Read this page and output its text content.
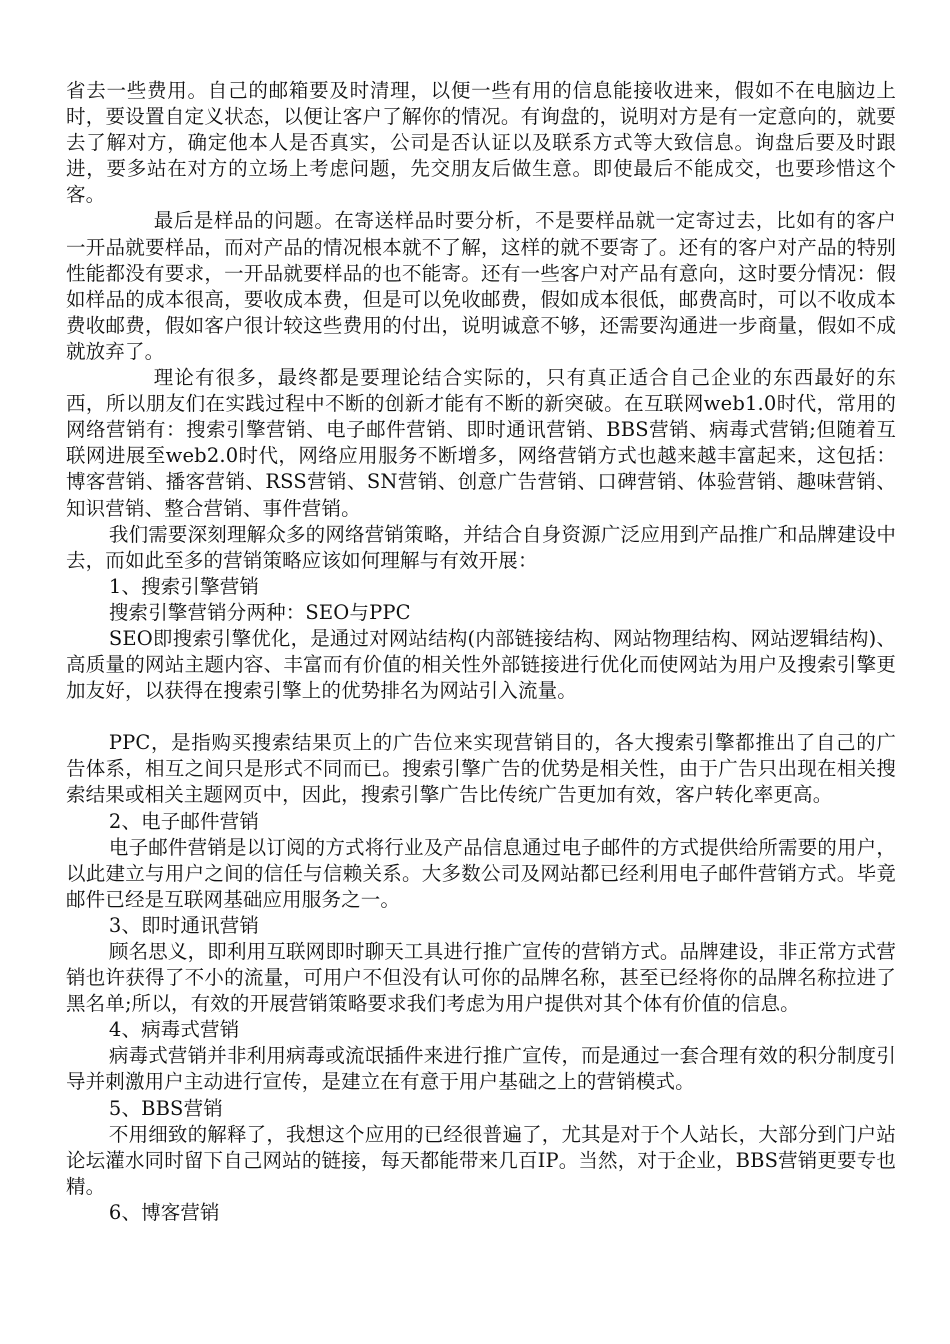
省去一些费用。自己的邮箱要及时清理，以便一些有用的信息能接收进来，假如不在电脑边上时，要设置自定义状态，以便让客户了解你的情况。有询盘的，说明对方是有一定意向的，就要去了解对方，确定他本人是否真实，公司是否认证以及联系方式等大致信息。询盘后要及时跟进，要多站在对方的立场上考虑问题，先交朋友后做生意。即使最后不能成交，也要珍惜这个客。

最后是样品的问题。在寄送样品时要分析，不是要样品就一定寄过去，比如有的客户一开品就要样品，而对产品的情况根本就不了解，这样的就不要寄了。还有的客户对产品的特别性能都没有要求，一开品就要样品的也不能寄。还有一些客户对产品有意向，这时要分情况：假如样品的成本很高，要收成本费，但是可以免收邮费，假如成本很低，邮费高时，可以不收成本费收邮费，假如客户很计较这些费用的付出，说明诚意不够，还需要沟通进一步商量，假如不成就放弃了。

理论有很多，最终都是要理论结合实际的，只有真正适合自己企业的东西最好的东西，所以朋友们在实践过程中不断的创新才能有不断的新突破。在互联网web1.0时代，常用的网络营销有：搜索引擎营销、电子邮件营销、即时通讯营销、BBS营销、病毒式营销;但随着互联网进展至web2.0时代，网络应用服务不断增多，网络营销方式也越来越丰富起来，这包括：博客营销、播客营销、RSS营销、SN营销、创意广告营销、口碑营销、体验营销、趣味营销、知识营销、整合营销、事件营销。

我们需要深刻理解众多的网络营销策略，并结合自身资源广泛应用到产品推广和品牌建设中去，而如此至多的营销策略应该如何理解与有效开展：

1、搜索引擎营销

搜索引擎营销分两种：SEO与PPC

SEO即搜索引擎优化，是通过对网站结构(内部链接结构、网站物理结构、网站逻辑结构)、高质量的网站主题内容、丰富而有价值的相关性外部链接进行优化而使网站为用户及搜索引擎更加友好，以获得在搜索引擎上的优势排名为网站引入流量。

PPC，是指购买搜索结果页上的广告位来实现营销目的，各大搜索引擎都推出了自己的广告体系，相互之间只是形式不同而已。搜索引擎广告的优势是相关性，由于广告只出现在相关搜索结果或相关主题网页中，因此，搜索引擎广告比传统广告更加有效，客户转化率更高。

2、电子邮件营销

电子邮件营销是以订阅的方式将行业及产品信息通过电子邮件的方式提供给所需要的用户，以此建立与用户之间的信任与信赖关系。大多数公司及网站都已经利用电子邮件营销方式。毕竟邮件已经是互联网基础应用服务之一。

3、即时通讯营销

顾名思义，即利用互联网即时聊天工具进行推广宣传的营销方式。品牌建设，非正常方式营销也许获得了不小的流量，可用户不但没有认可你的品牌名称，甚至已经将你的品牌名称拉进了黑名单;所以，有效的开展营销策略要求我们考虑为用户提供对其个体有价值的信息。

4、病毒式营销

病毒式营销并非利用病毒或流氓插件来进行推广宣传，而是通过一套合理有效的积分制度引导并刺激用户主动进行宣传，是建立在有意于用户基础之上的营销模式。

5、BBS营销

不用细致的解释了，我想这个应用的已经很普遍了，尤其是对于个人站长，大部分到门户站论坛灌水同时留下自己网站的链接，每天都能带来几百IP。当然，对于企业，BBS营销更要专也精。

6、博客营销
